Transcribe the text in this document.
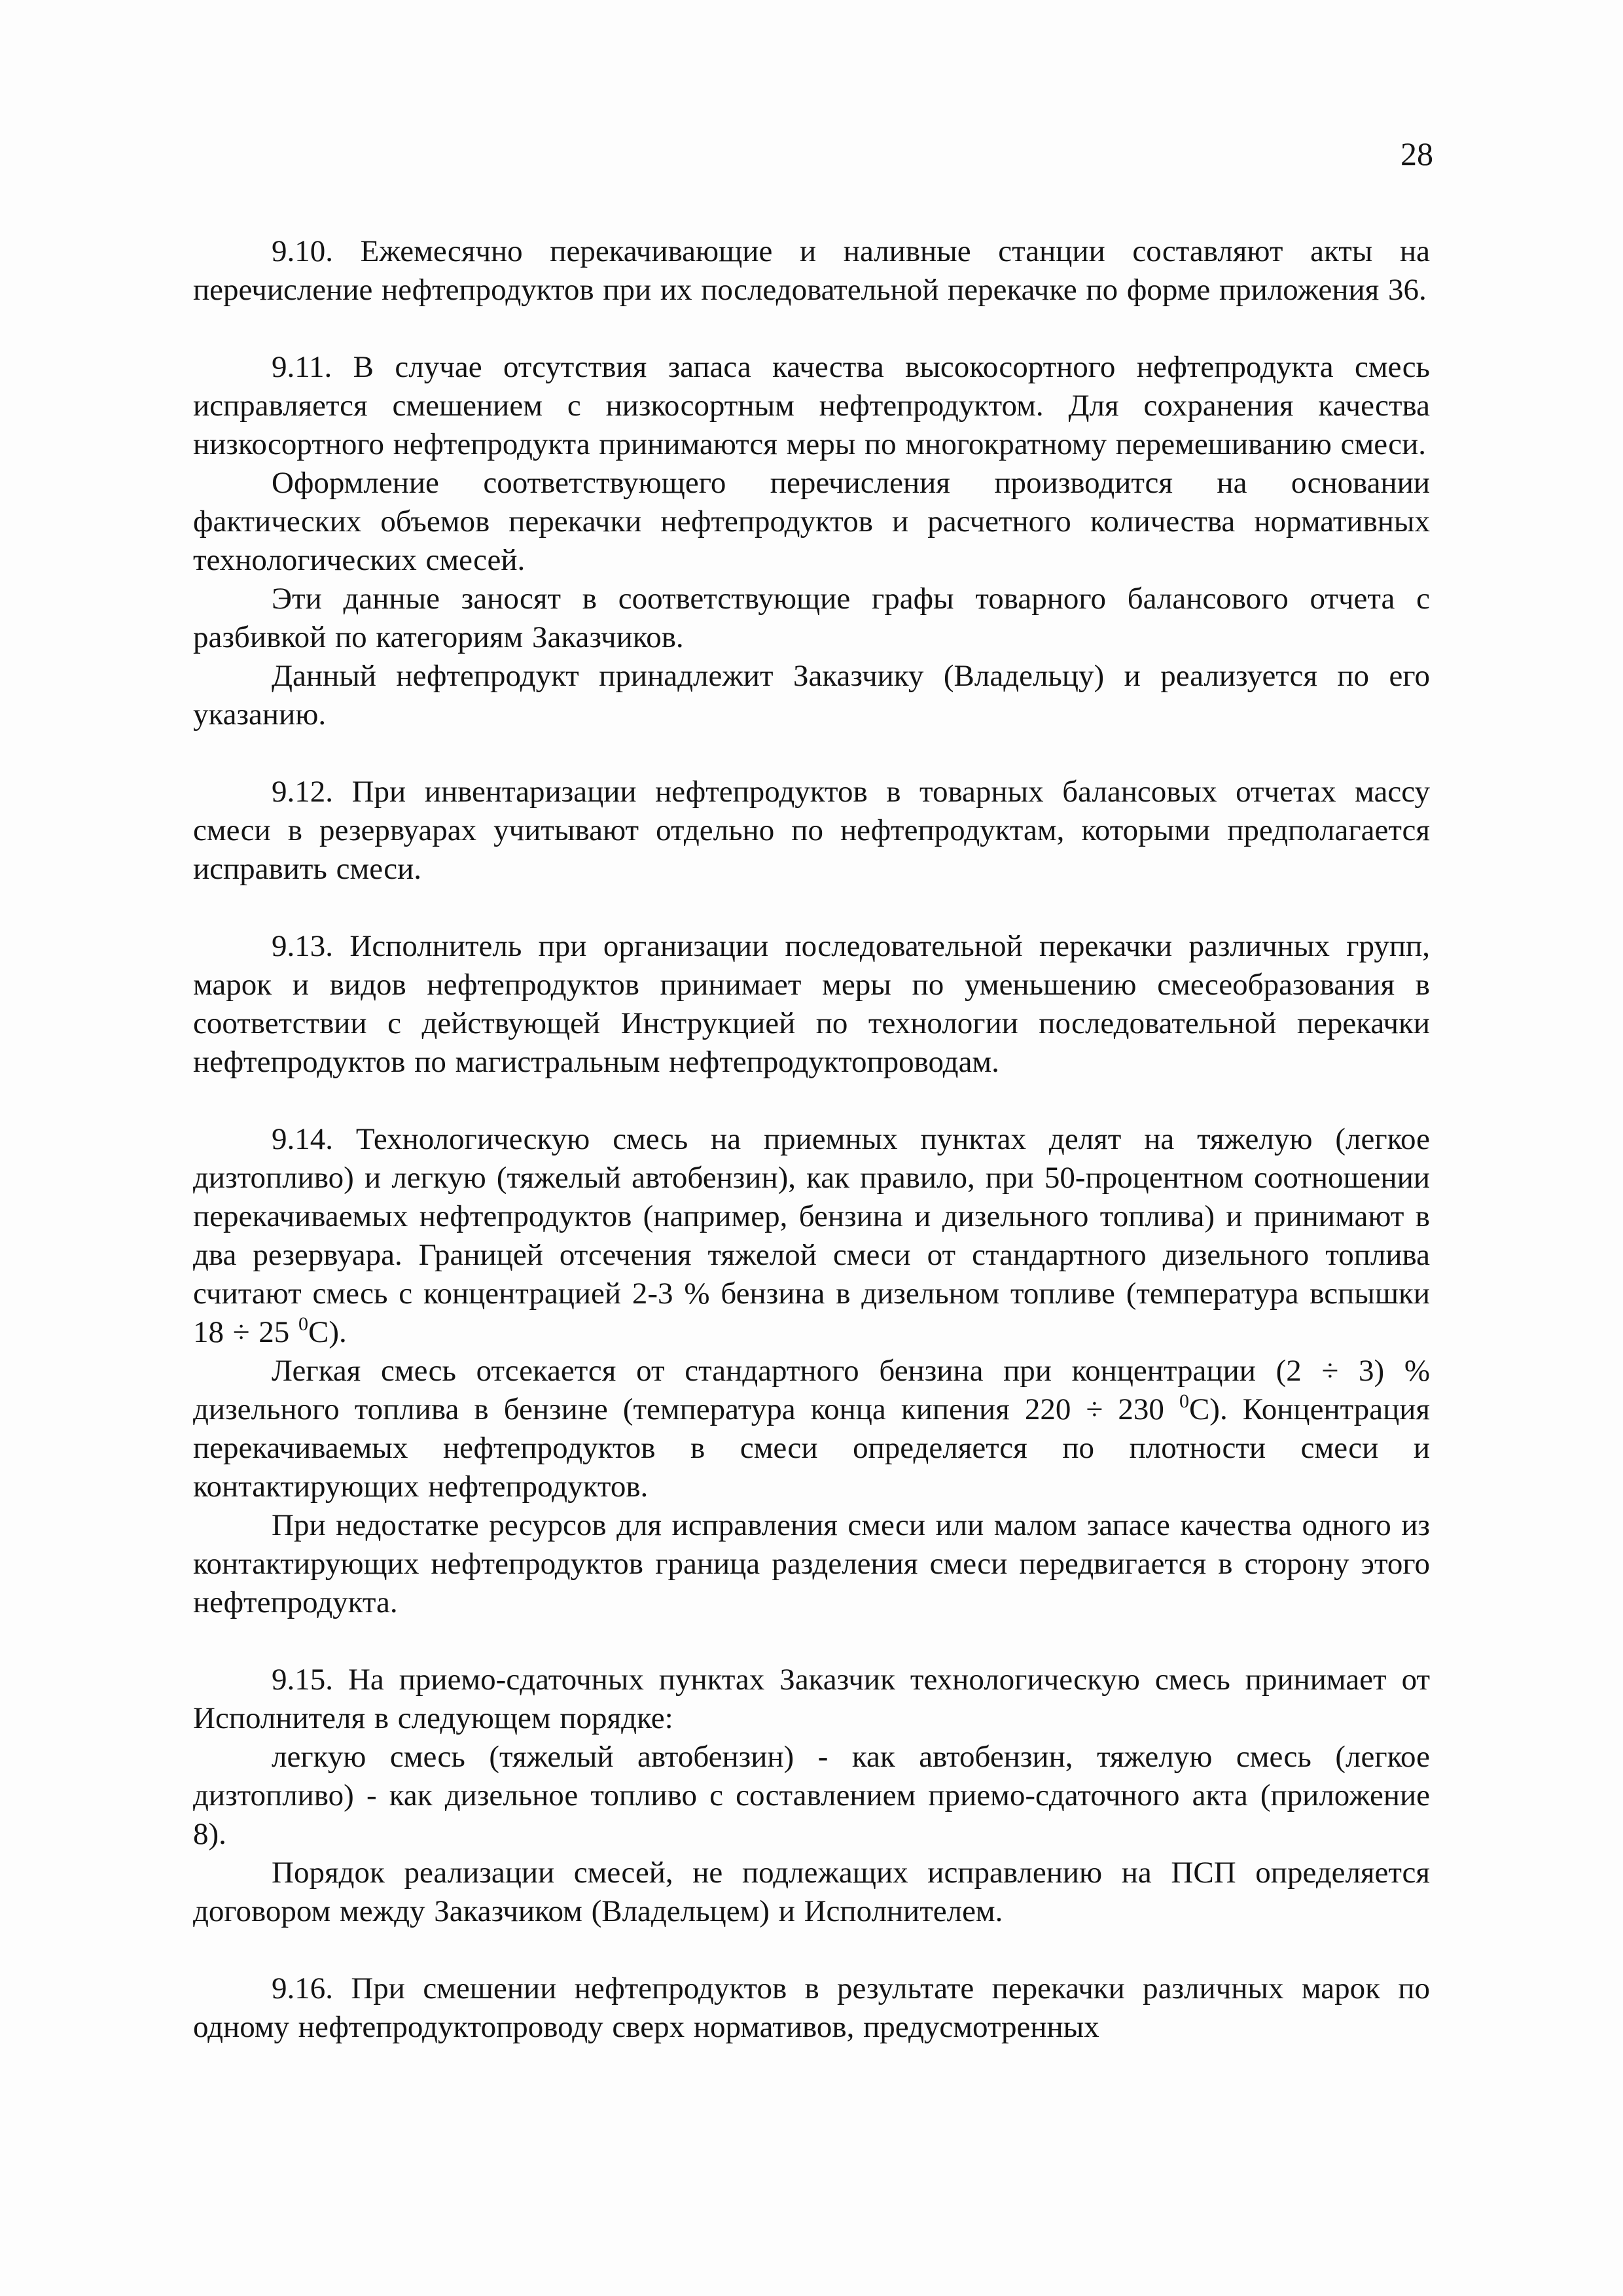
28

9.10. Ежемесячно перекачивающие и наливные станции составляют акты на перечисление нефтепродуктов при их последовательной перекачке по форме приложения 36.

9.11. В случае отсутствия запаса качества высокосортного нефтепродукта смесь исправляется смешением с низкосортным нефтепродуктом. Для сохранения качества низкосортного нефтепродукта принимаются меры по многократному перемешиванию смеси.

Оформление соответствующего перечисления производится на основании фактических объемов перекачки нефтепродуктов и расчетного количества нормативных технологических смесей.

Эти данные заносят в соответствующие графы товарного балансового отчета с разбивкой по категориям Заказчиков.

Данный нефтепродукт принадлежит Заказчику (Владельцу) и реализуется по его указанию.

9.12. При инвентаризации нефтепродуктов в товарных балансовых отчетах массу смеси в резервуарах учитывают отдельно по нефтепродуктам, которыми предполагается исправить смеси.

9.13. Исполнитель при организации последовательной перекачки различных групп, марок и видов нефтепродуктов принимает меры по уменьшению смесеобразования в соответствии с действующей Инструкцией по технологии последовательной перекачки нефтепродуктов по магистральным нефтепродуктопроводам.

9.14. Технологическую смесь на приемных пунктах делят на тяжелую (легкое дизтопливо) и легкую (тяжелый автобензин), как правило, при 50-процентном соотношении перекачиваемых нефтепродуктов (например, бензина и дизельного топлива) и принимают в два резервуара. Границей отсечения тяжелой смеси от стандартного дизельного топлива считают смесь с концентрацией 2-3 % бензина в дизельном топливе (температура вспышки 18 ÷ 25 $^0$С).

Легкая смесь отсекается от стандартного бензина при концентрации (2 ÷ 3) % дизельного топлива в бензине (температура конца кипения 220 ÷ 230 $^0$С). Концентрация перекачиваемых нефтепродуктов в смеси определяется по плотности смеси и контактирующих нефтепродуктов.

При недостатке ресурсов для исправления смеси или малом запасе качества одного из контактирующих нефтепродуктов граница разделения смеси передвигается в сторону этого нефтепродукта.

9.15. На приемо-сдаточных пунктах Заказчик технологическую смесь принимает от Исполнителя в следующем порядке:

легкую смесь (тяжелый автобензин) - как автобензин, тяжелую смесь (легкое дизтопливо) - как дизельное топливо с составлением приемо-сдаточного акта (приложение 8).

Порядок реализации смесей, не подлежащих исправлению на ПСП определяется договором между Заказчиком (Владельцем) и Исполнителем.

9.16. При смешении нефтепродуктов в результате перекачки различных марок по одному нефтепродуктопроводу сверх нормативов, предусмотренных
